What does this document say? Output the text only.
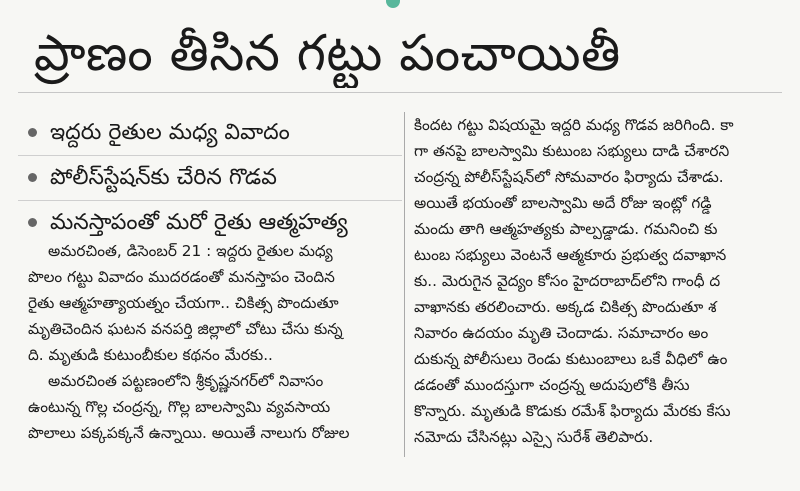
ప్రాణం తీసిన గట్టు పంచాయితీ
ఇద్దరు రైతుల మధ్య వివాదం
పోలీస్‌స్టేషన్‌కు చేరిన గొడవ
మనస్తాపంతో మరో రైతు ఆత్మహత్య
అమరచింత, డిసెంబర్ 21 : ఇద్దరు రైతుల మధ్య
పొలం గట్టు వివాదం ముదరడంతో మనస్తాపం చెందిన
రైతు ఆత్మహత్యాయత్నం చేయగా.. చికిత్స పొందుతూ
మృతిచెందిన ఘటన వనపర్తి జిల్లాలో చోటు చేసు కున్న
ది. మృతుడి కుటుంబీకుల కథనం మేరకు..
అమరచింత పట్టణంలోని శ్రీకృష్ణనగర్‌లో నివాసం
ఉంటున్న గొల్ల చంద్రన్న, గొల్ల బాలస్వామి వ్యవసాయ
పొలాలు పక్కపక్కనే ఉన్నాయి. అయితే నాలుగు రోజుల
కిందట గట్టు విషయమై ఇద్దరి మధ్య గొడవ జరిగింది. కా
గా తనపై బాలస్వామి కుటుంబ సభ్యులు దాడి చేశారని
చంద్రన్న పోలీస్‌స్టేషన్‌లో సోమవారం ఫిర్యాదు చేశాడు.
అయితే భయంతో బాలస్వామి అదే రోజు ఇంట్లో గడ్డి
మందు తాగి ఆత్మహత్యకు పాల్పడ్డాడు. గమనించి కు
టుంబ సభ్యులు వెంటనే ఆత్మకూరు ప్రభుత్వ దవాఖాన
కు.. మెరుగైన వైద్యం కోసం హైదరాబాద్‌లోని గాంధీ ద
వాఖానకు తరలించారు. అక్కడ చికిత్స పొందుతూ శ
నివారం ఉదయం మృతి చెందాడు. సమాచారం అం
దుకున్న పోలీసులు రెండు కుటుంబాలు ఒకే వీధిలో ఉం
డడంతో ముందస్తుగా చంద్రన్న అదుపులోకి తీసు
కొన్నారు. మృతుడి కొడుకు రమేశ్ ఫిర్యాదు మేరకు కేసు
నమోదు చేసినట్లు ఎస్సై సురేశ్ తెలిపారు.
